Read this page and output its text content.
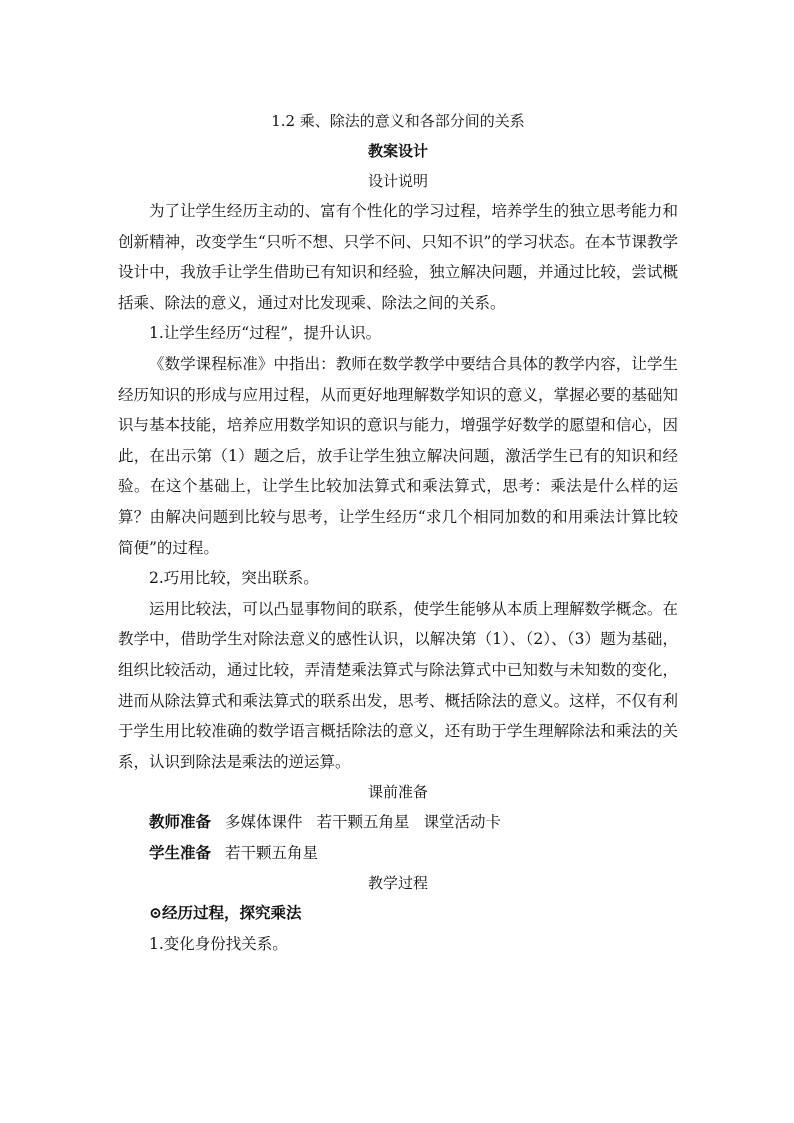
1.2 乘、除法的意义和各部分间的关系
教案设计
设计说明

为了让学生经历主动的、富有个性化的学习过程，培养学生的独立思考能力和创新精神，改变学生“只听不想、只学不问、只知不识”的学习状态。在本节课教学设计中，我放手让学生借助已有知识和经验，独立解决问题，并通过比较，尝试概括乘、除法的意义，通过对比发现乘、除法之间的关系。

1.让学生经历“过程”，提升认识。

《数学课程标准》中指出：教师在数学教学中要结合具体的教学内容，让学生经历知识的形成与应用过程，从而更好地理解数学知识的意义，掌握必要的基础知识与基本技能，培养应用数学知识的意识与能力，增强学好数学的愿望和信心，因此，在出示第（1）题之后，放手让学生独立解决问题，激活学生已有的知识和经验。在这个基础上，让学生比较加法算式和乘法算式，思考：乘法是什么样的运算？由解决问题到比较与思考，让学生经历“求几个相同加数的和用乘法计算比较简便”的过程。

2.巧用比较，突出联系。

运用比较法，可以凸显事物间的联系，使学生能够从本质上理解数学概念。在教学中，借助学生对除法意义的感性认识，以解决第（1）、（2）、（3）题为基础，组织比较活动，通过比较，弄清楚乘法算式与除法算式中已知数与未知数的变化，进而从除法算式和乘法算式的联系出发，思考、概括除法的意义。这样，不仅有利于学生用比较准确的数学语言概括除法的意义，还有助于学生理解除法和乘法的关系，认识到除法是乘法的逆运算。

课前准备

教师准备 多媒体课件 若干颗五角星 课堂活动卡

学生准备 若干颗五角星

教学过程

⊙经历过程，探究乘法

1.变化身份找关系。
